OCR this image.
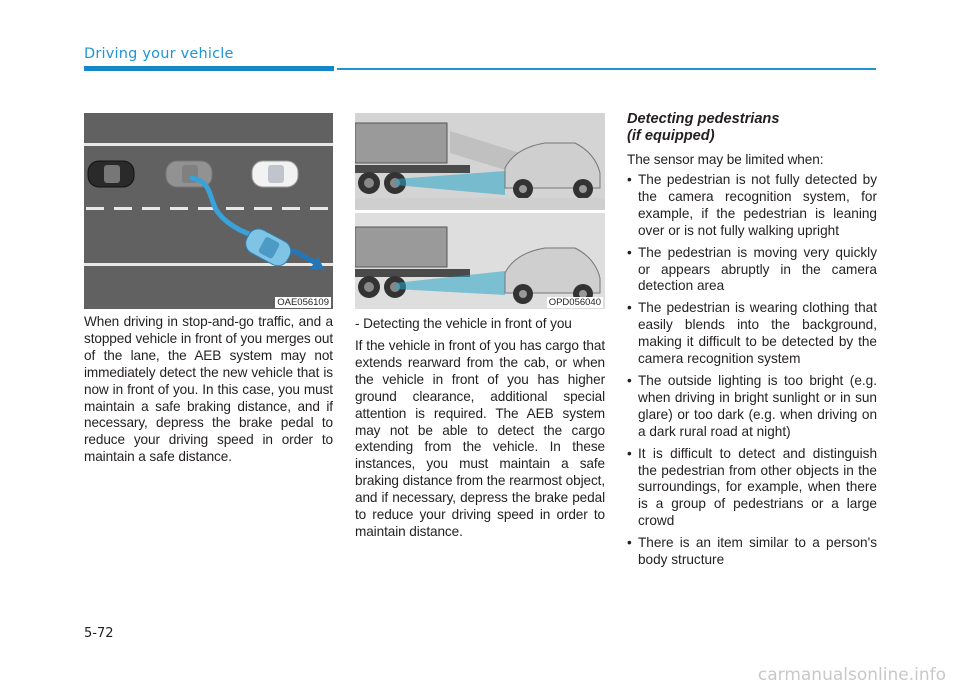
Driving your vehicle
OAE056109

When driving in stop-and-go traffic, and a stopped vehicle in front of you merges out of the lane, the AEB system may not immediately detect the new vehicle that is now in front of you. In this case, you must maintain a safe braking distance, and if necessary, depress the brake pedal to reduce your driving speed in order to maintain a safe distance.

OPD056040

- Detecting the vehicle in front of you

If the vehicle in front of you has cargo that extends rearward from the cab, or when the vehicle in front of you has higher ground clearance, additional special attention is required. The AEB system may not be able to detect the cargo extending from the vehicle. In these instances, you must maintain a safe braking distance from the rearmost object, and if necessary, depress the brake pedal to reduce your driving speed in order to maintain distance.

Detecting pedestrians

(if equipped)

The sensor may be limited when:

• The pedestrian is not fully detected by the camera recognition system, for example, if the pedestrian is leaning over or is not fully walking upright
• The pedestrian is moving very quickly or appears abruptly in the camera detection area
• The pedestrian is wearing clothing that easily blends into the background, making it difficult to be detected by the camera recognition system
• The outside lighting is too bright (e.g. when driving in bright sunlight or in sun glare) or too dark (e.g. when driving on a dark rural road at night)
• It is difficult to detect and distinguish the pedestrian from other objects in the surroundings, for example, when there is a group of pedestrians or a large crowd
• There is an item similar to a person's body structure
5-72
carmanualsonline.info
